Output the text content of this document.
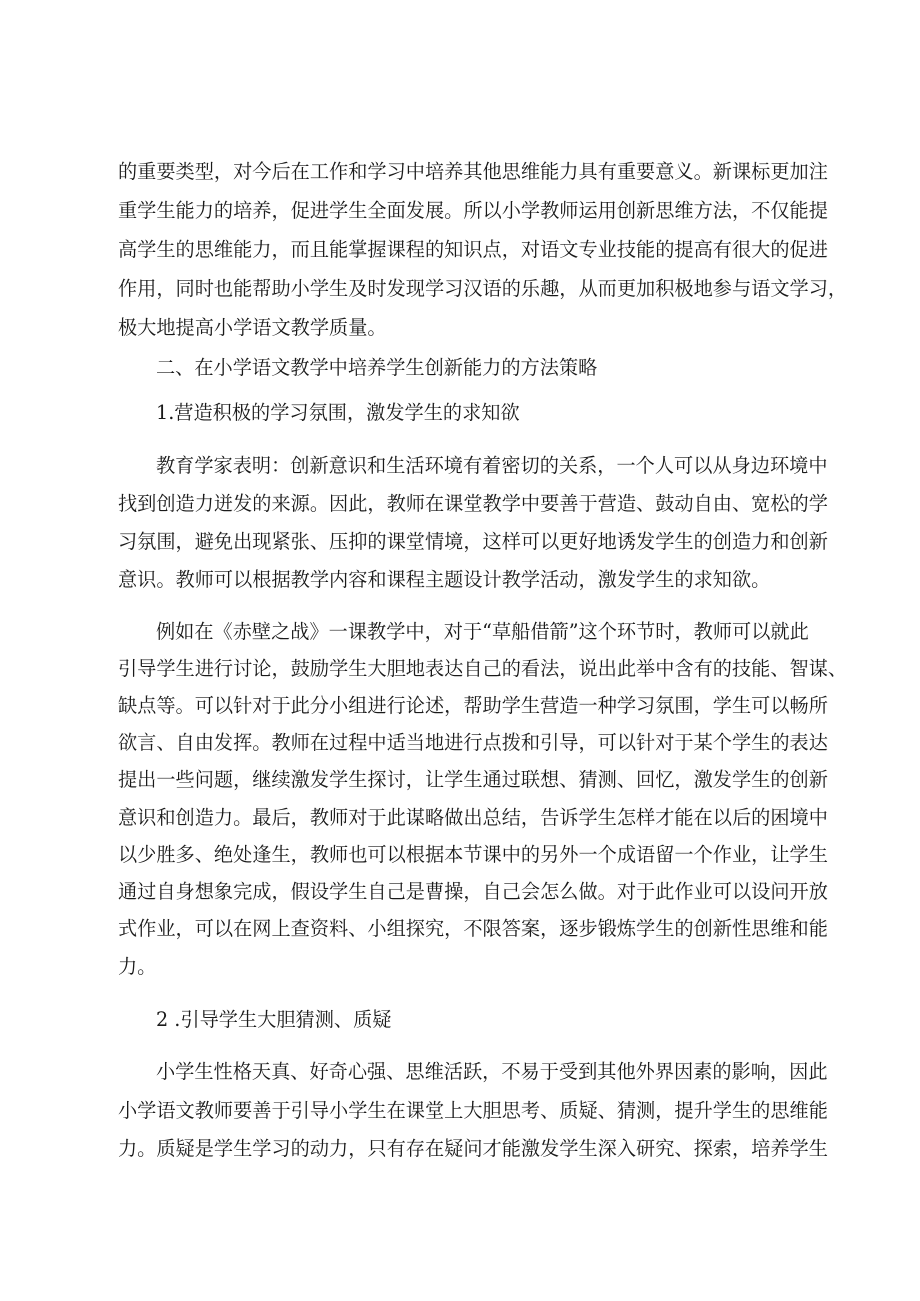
的重要类型，对今后在工作和学习中培养其他思维能力具有重要意义。新课标更加注
重学生能力的培养，促进学生全面发展。所以小学教师运用创新思维方法，不仅能提
高学生的思维能力，而且能掌握课程的知识点，对语文专业技能的提高有很大的促进
作用，同时也能帮助小学生及时发现学习汉语的乐趣，从而更加积极地参与语文学习，
极大地提高小学语文教学质量。
二、在小学语文教学中培养学生创新能力的方法策略
1.营造积极的学习氛围，激发学生的求知欲
教育学家表明：创新意识和生活环境有着密切的关系，一个人可以从身边环境中
找到创造力迸发的来源。因此，教师在课堂教学中要善于营造、鼓动自由、宽松的学
习氛围，避免出现紧张、压抑的课堂情境，这样可以更好地诱发学生的创造力和创新
意识。教师可以根据教学内容和课程主题设计教学活动，激发学生的求知欲。
例如在《赤壁之战》一课教学中，对于“草船借箭”这个环节时，教师可以就此
引导学生进行讨论，鼓励学生大胆地表达自己的看法，说出此举中含有的技能、智谋、
缺点等。可以针对于此分小组进行论述，帮助学生营造一种学习氛围，学生可以畅所
欲言、自由发挥。教师在过程中适当地进行点拨和引导，可以针对于某个学生的表达
提出一些问题，继续激发学生探讨，让学生通过联想、猜测、回忆，激发学生的创新
意识和创造力。最后，教师对于此谋略做出总结，告诉学生怎样才能在以后的困境中
以少胜多、绝处逢生，教师也可以根据本节课中的另外一个成语留一个作业，让学生
通过自身想象完成，假设学生自己是曹操，自己会怎么做。对于此作业可以设问开放
式作业，可以在网上查资料、小组探究，不限答案，逐步锻炼学生的创新性思维和能
力。
2 .引导学生大胆猜测、质疑
小学生性格天真、好奇心强、思维活跃，不易于受到其他外界因素的影响，因此
小学语文教师要善于引导小学生在课堂上大胆思考、质疑、猜测，提升学生的思维能
力。质疑是学生学习的动力，只有存在疑问才能激发学生深入研究、探索，培养学生
